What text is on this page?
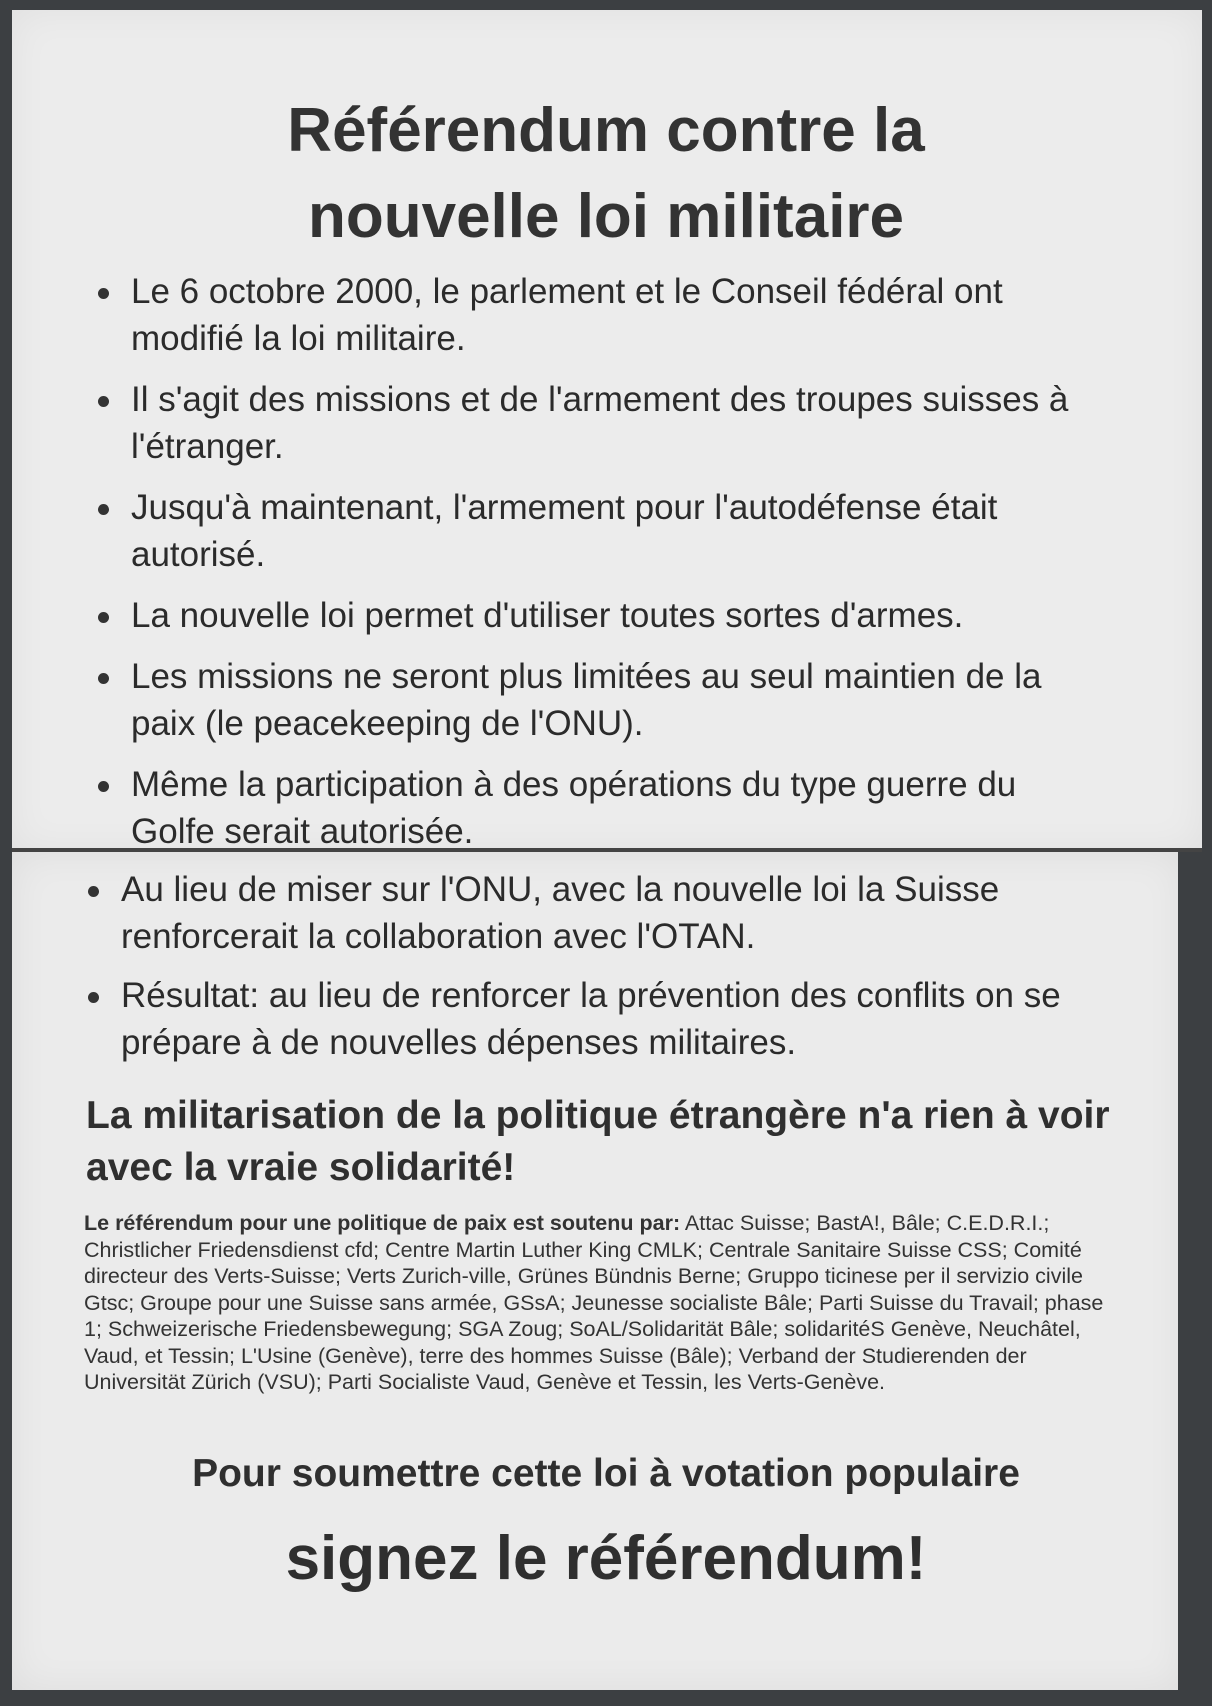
Référendum contre la
nouvelle loi militaire
Le 6 octobre 2000, le parlement et le Conseil fédéral ont modifié la loi militaire.
Il s'agit des missions et de l'armement des troupes suisses à l'étranger.
Jusqu'à maintenant, l'armement pour l'autodéfense était autorisé.
La nouvelle loi permet d'utiliser toutes sortes d'armes.
Les missions ne seront plus limitées au seul maintien de la paix (le peacekeeping de l'ONU).
Même la participation à des opérations du type guerre du Golfe serait autorisée.
Au lieu de miser sur l'ONU, avec la nouvelle loi la Suisse renforcerait la collaboration avec l'OTAN.
Résultat: au lieu de renforcer la prévention des conflits on se prépare à de nouvelles dépenses militaires.
La militarisation de la politique étrangère n'a rien à voir avec la vraie solidarité!
Le référendum pour une politique de paix est soutenu par: Attac Suisse; BastA!, Bâle; C.E.D.R.I.; Christlicher Friedensdienst cfd; Centre Martin Luther King CMLK; Centrale Sanitaire Suisse CSS; Comité directeur des Verts-Suisse; Verts Zurich-ville, Grünes Bündnis Berne; Gruppo ticinese per il servizio civile Gtsc; Groupe pour une Suisse sans armée, GSsA; Jeunesse socialiste Bâle; Parti Suisse du Travail; phase 1; Schweizerische Friedensbewegung; SGA Zoug; SoAL/Solidarität Bâle; solidaritéS Genève, Neuchâtel, Vaud, et Tessin; L'Usine (Genève), terre des hommes Suisse (Bâle); Verband der Studierenden der Universität Zürich (VSU); Parti Socialiste Vaud, Genève et Tessin, les Verts-Genève.
Pour soumettre cette loi à votation populaire
signez le référendum!
